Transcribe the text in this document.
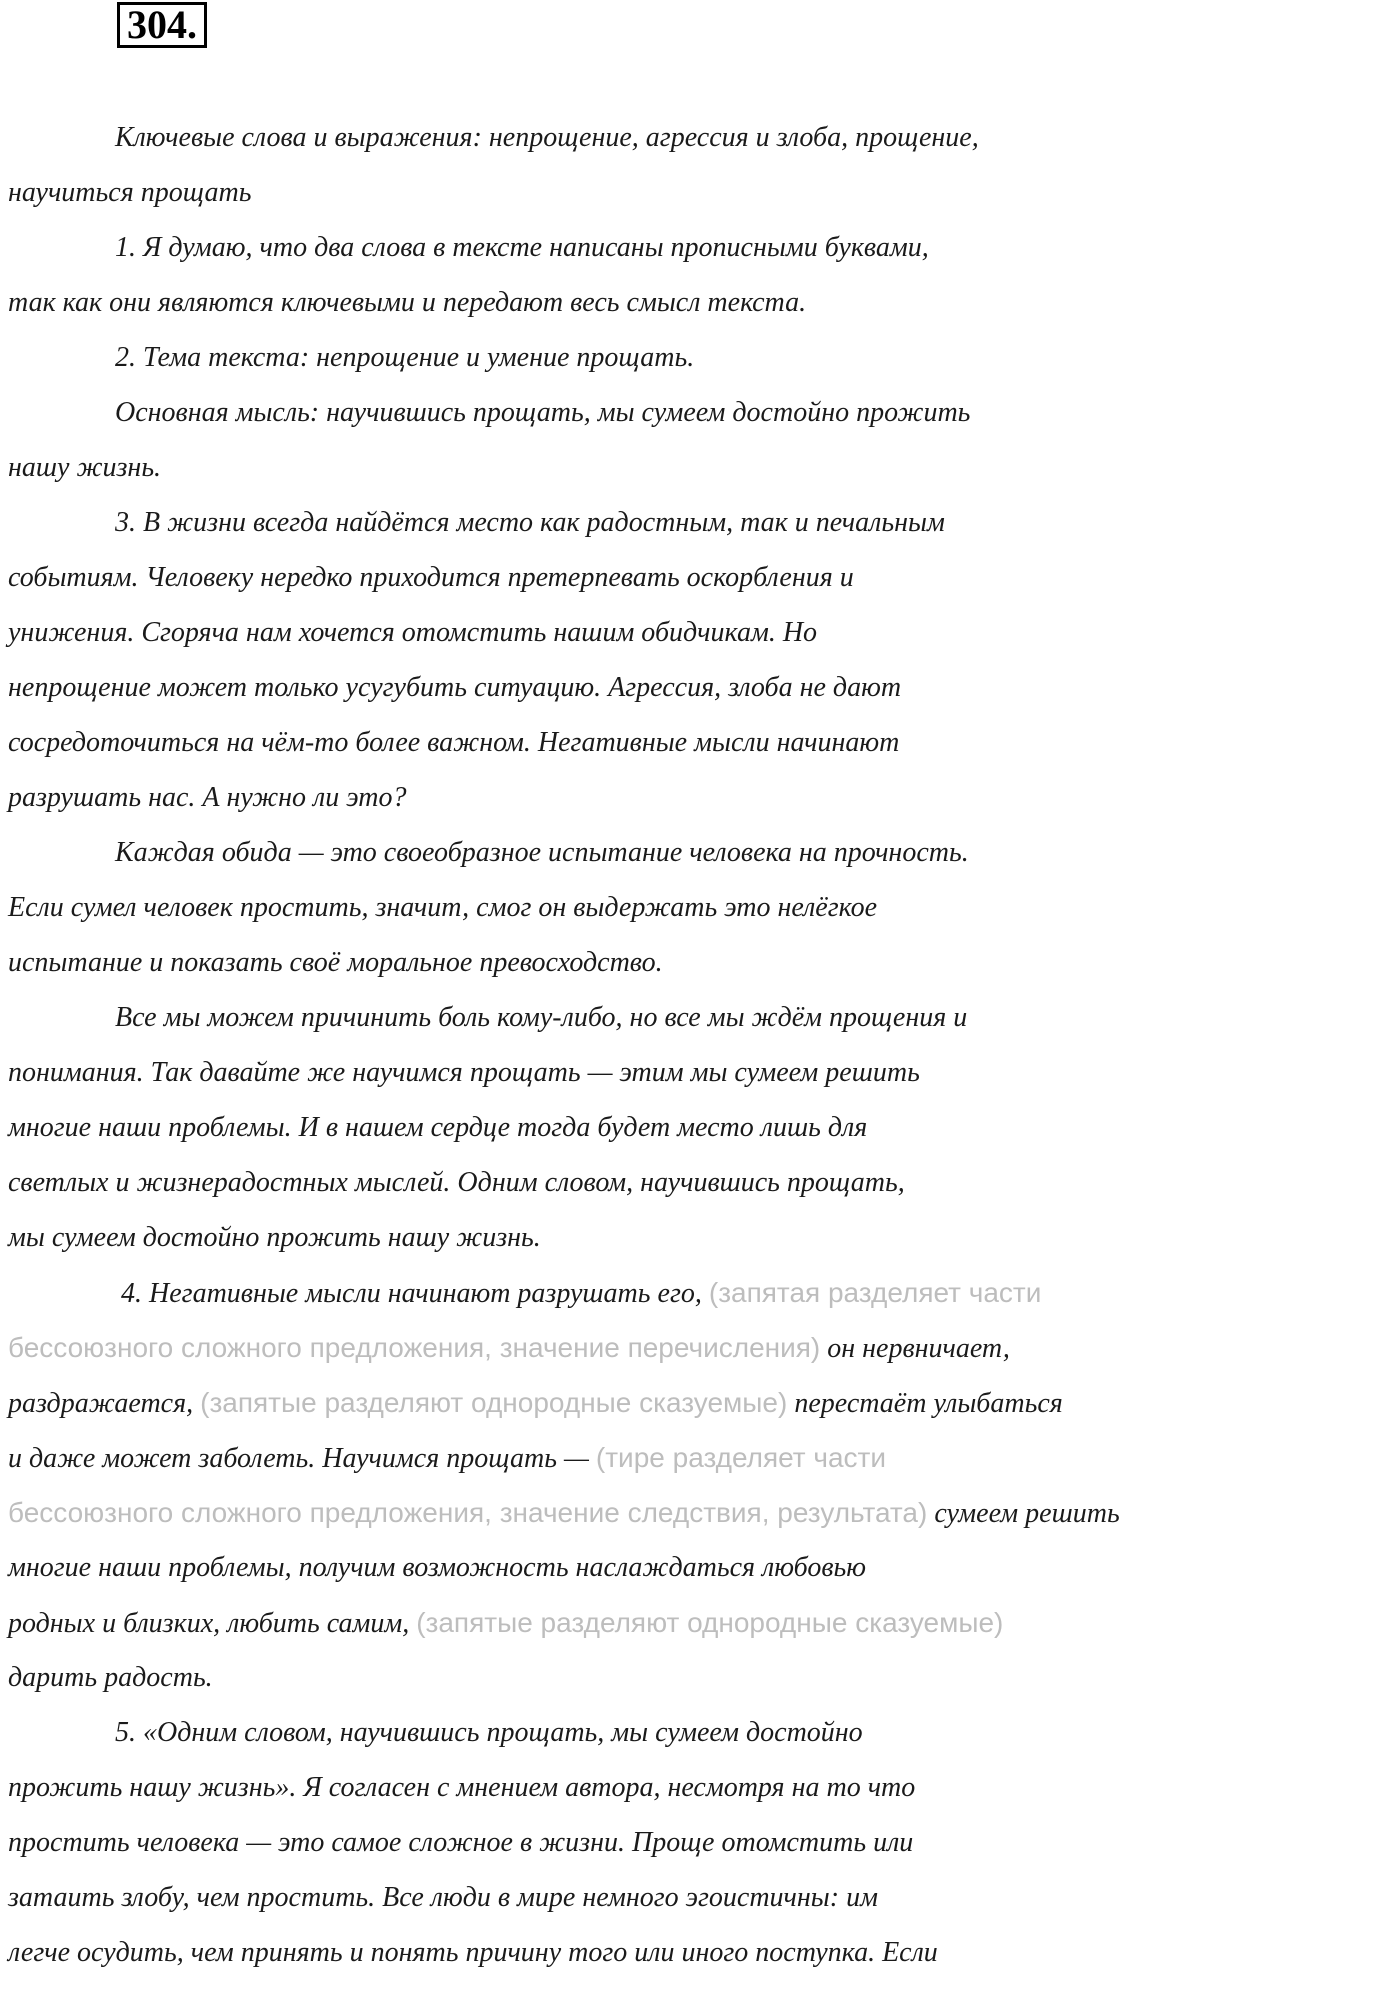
304.
Ключевые слова и выражения: непрощение, агрессия и злоба, прощение,
научиться прощать
1. Я думаю, что два слова в тексте написаны прописными буквами,
так как они являются ключевыми и передают весь смысл текста.
2. Тема текста: непрощение и умение прощать.
Основная мысль: научившись прощать, мы сумеем достойно прожить
нашу жизнь.
3. В жизни всегда найдётся место как радостным, так и печальным
событиям. Человеку нередко приходится претерпевать оскорбления и
унижения. Сгоряча нам хочется отомстить нашим обидчикам. Но
непрощение может только усугубить ситуацию. Агрессия, злоба не дают
сосредоточиться на чём-то более важном. Негативные мысли начинают
разрушать нас. А нужно ли это?
Каждая обида — это своеобразное испытание человека на прочность.
Если сумел человек простить, значит, смог он выдержать это нелёгкое
испытание и показать своё моральное превосходство.
Все мы можем причинить боль кому-либо, но все мы ждём прощения и
понимания. Так давайте же научимся прощать — этим мы сумеем решить
многие наши проблемы. И в нашем сердце тогда будет место лишь для
светлых и жизнерадостных мыслей. Одним словом, научившись прощать,
мы сумеем достойно прожить нашу жизнь.
4. Негативные мысли начинают разрушать его, (запятая разделяет части
бессоюзного сложного предложения, значение перечисления) он нервничает,
раздражается, (запятые разделяют однородные сказуемые) перестаёт улыбаться
и даже может заболеть. Научимся прощать — (тире разделяет части
бессоюзного сложного предложения, значение следствия, результата) сумеем решить
многие наши проблемы, получим возможность наслаждаться любовью
родных и близких, любить самим, (запятые разделяют однородные сказуемые)
дарить радость.
5. «Одним словом, научившись прощать, мы сумеем достойно
прожить нашу жизнь». Я согласен с мнением автора, несмотря на то что
простить человека — это самое сложное в жизни. Проще отомстить или
затаить злобу, чем простить. Все люди в мире немного эгоистичны: им
легче осудить, чем принять и понять причину того или иного поступка. Если
